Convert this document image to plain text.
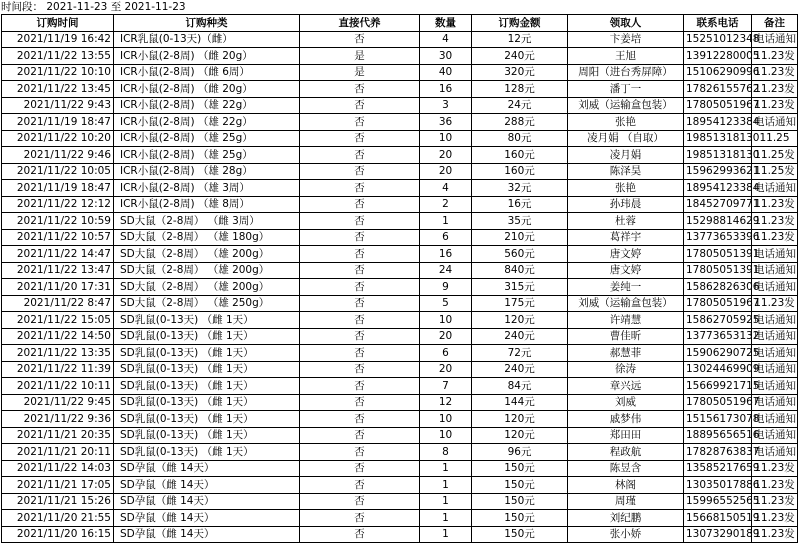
时间段： 2021-11-23 至 2021-11-23
订购时间	订购种类	直接代养	数量	订购金额	领取人	联系电话	备注
2021/11/19 16:42	ICR乳鼠(0-13天)（雌）	否	4	12元	卞姜培	15251012348	电话通知
2021/11/22 13:55	ICR小鼠(2-8周) （雌 20g）	是	30	240元	王旭	13912280005	11.23发
2021/11/22 10:10	ICR小鼠(2-8周) （雌 6周）	是	40	320元	周阳（进台秀屏障）	15106290996	11.23发
2021/11/22 13:45	ICR小鼠(2-8周) （雌 20g）	否	16	128元	潘丁一	17826155762	11.23发
2021/11/22 9:43	ICR小鼠(2-8周) （雄 22g）	否	3	24元	刘威（运输盒包装）	17805051967	11.23发
2021/11/19 18:47	ICR小鼠(2-8周) （雄 22g）	否	36	288元	张艳	18954123384	电话通知
2021/11/22 10:20	ICR小鼠(2-8周) （雄 25g）	否	10	80元	凌月娟 （自取）	19851318130	11.25
2021/11/22 9:46	ICR小鼠(2-8周) （雄 25g）	否	20	160元	凌月娟	19851318130	11.25发
2021/11/22 10:05	ICR小鼠(2-8周) （雄 28g）	否	20	160元	陈泽昊	15962993621	11.25发
2021/11/19 18:47	ICR小鼠(2-8周) （雄 3周）	否	4	32元	张艳	18954123384	电话通知
2021/11/22 12:12	ICR小鼠(2-8周) （雄 8周）	否	2	16元	孙玮晨	18452709771	11.23发
2021/11/22 10:59	SD大鼠（2-8周） （雌 3周）	否	1	35元	杜蓉	15298814629	11.23发
2021/11/22 10:57	SD大鼠（2-8周） （雄 180g）	否	6	210元	葛祥宇	13773653396	11.23发
2021/11/22 14:47	SD大鼠（2-8周） （雄 200g）	否	16	560元	唐文婷	17805051391	电话通知
2021/11/22 13:47	SD大鼠（2-8周） （雄 200g）	否	24	840元	唐文婷	17805051391	电话通知
2021/11/20 17:31	SD大鼠（2-8周） （雄 200g）	否	9	315元	姜纯一	15862826306	电话通知
2021/11/22 8:47	SD大鼠（2-8周） （雄 250g）	否	5	175元	刘威（运输盒包装）	17805051967	11.23发
2021/11/22 15:05	SD乳鼠(0-13天) （雌 1天）	否	10	120元	许靖慧	15862705925	电话通知
2021/11/22 14:50	SD乳鼠(0-13天) （雌 1天）	否	20	240元	曹佳昕	13773653132	电话通知
2021/11/22 13:35	SD乳鼠(0-13天) （雌 1天）	否	6	72元	郝慧菲	15906290725	电话通知
2021/11/22 11:39	SD乳鼠(0-13天) （雌 1天）	否	20	240元	徐涛	13024469909	电话通知
2021/11/22 10:11	SD乳鼠(0-13天) （雌 1天）	否	7	84元	章兴远	15669921715	电话通知
2021/11/22 9:45	SD乳鼠(0-13天) （雌 1天）	否	12	144元	刘威	17805051967	电话通知
2021/11/22 9:36	SD乳鼠(0-13天) （雌 1天）	否	10	120元	戚梦伟	15156173078	电话通知
2021/11/21 20:35	SD乳鼠(0-13天) （雌 1天）	否	10	120元	郑田田	18895656516	电话通知
2021/11/21 20:11	SD乳鼠(0-13天) （雌 1天）	否	8	96元	程政航	17828763837	电话通知
2021/11/22 14:03	SD孕鼠（雌 14天）	否	1	150元	陈昱含	13585217659	11.23发
2021/11/21 17:05	SD孕鼠（雌 14天）	否	1	150元	林阁	13035017886	11.23发
2021/11/21 15:26	SD孕鼠（雌 14天）	否	1	150元	周瑾	15996552565	11.23发
2021/11/20 21:55	SD孕鼠（雌 14天）	否	1	150元	刘纪鹏	15668150519	11.23发
2021/11/20 16:15	SD孕鼠（雌 14天）	否	1	150元	张小娇	13073290189	11.23发
